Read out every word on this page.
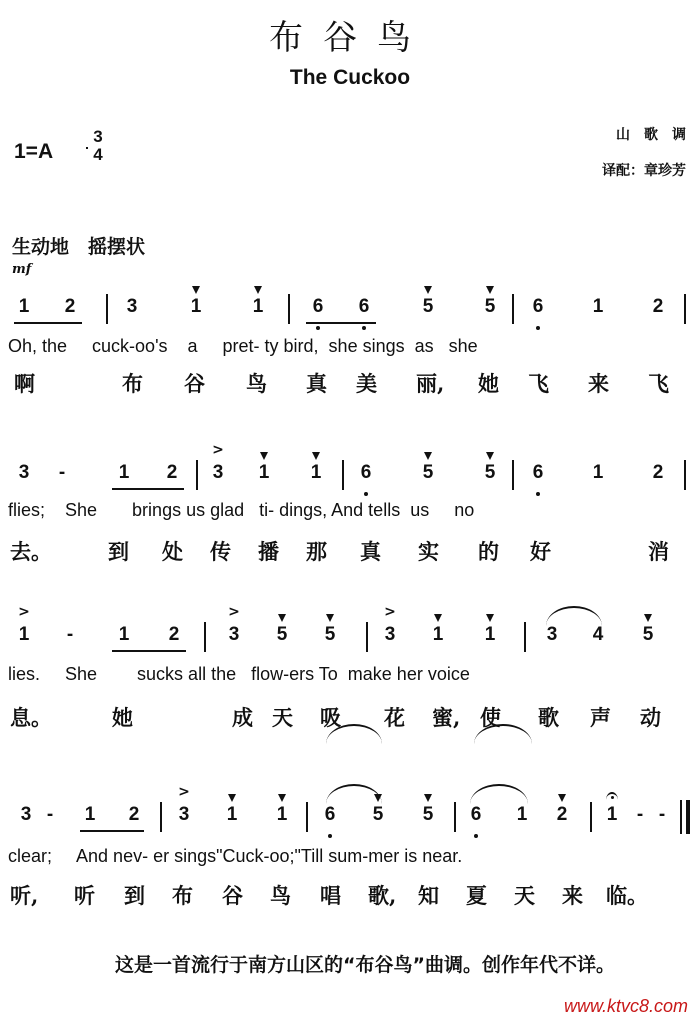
布谷鸟
The Cuckoo
1=A
3
4
山　歌　调
译配：章珍芳
生动地　摇摆状
mf
1	2	3	1	1	6	6	5	5	6	1	2
Oh, the     cuck-oo's    a     pret- ty bird,  she sings  as   she
啊	布 谷 鸟 真 美 丽, 她 飞 来 飞
3	-	1	2
>
3	1	1	6	5	5	6	1	2
flies;    She       brings us glad   ti- dings, And tells  us     no
去。	到 处 传 播 那 真 实 的 好	消
>
1	-	1	2
>
3	5	5
>
3	1	1	3	4	5
lies.     She        sucks all the   flow-ers To  make her voice
息。	她	成 天 吸 花 蜜, 使 歌 声 动
3 -	1	2
>
3	1	1	6	5	5	6	1	2	1	- -
clear;     And nev- er sings"Cuck-oo;"Till sum-mer is near.
听, 听 到 布 谷 鸟 唱 歌, 知 夏 天 来 临。
这是一首流行于南方山区的“布谷鸟”曲调。创作年代不详。
www.ktvc8.com
